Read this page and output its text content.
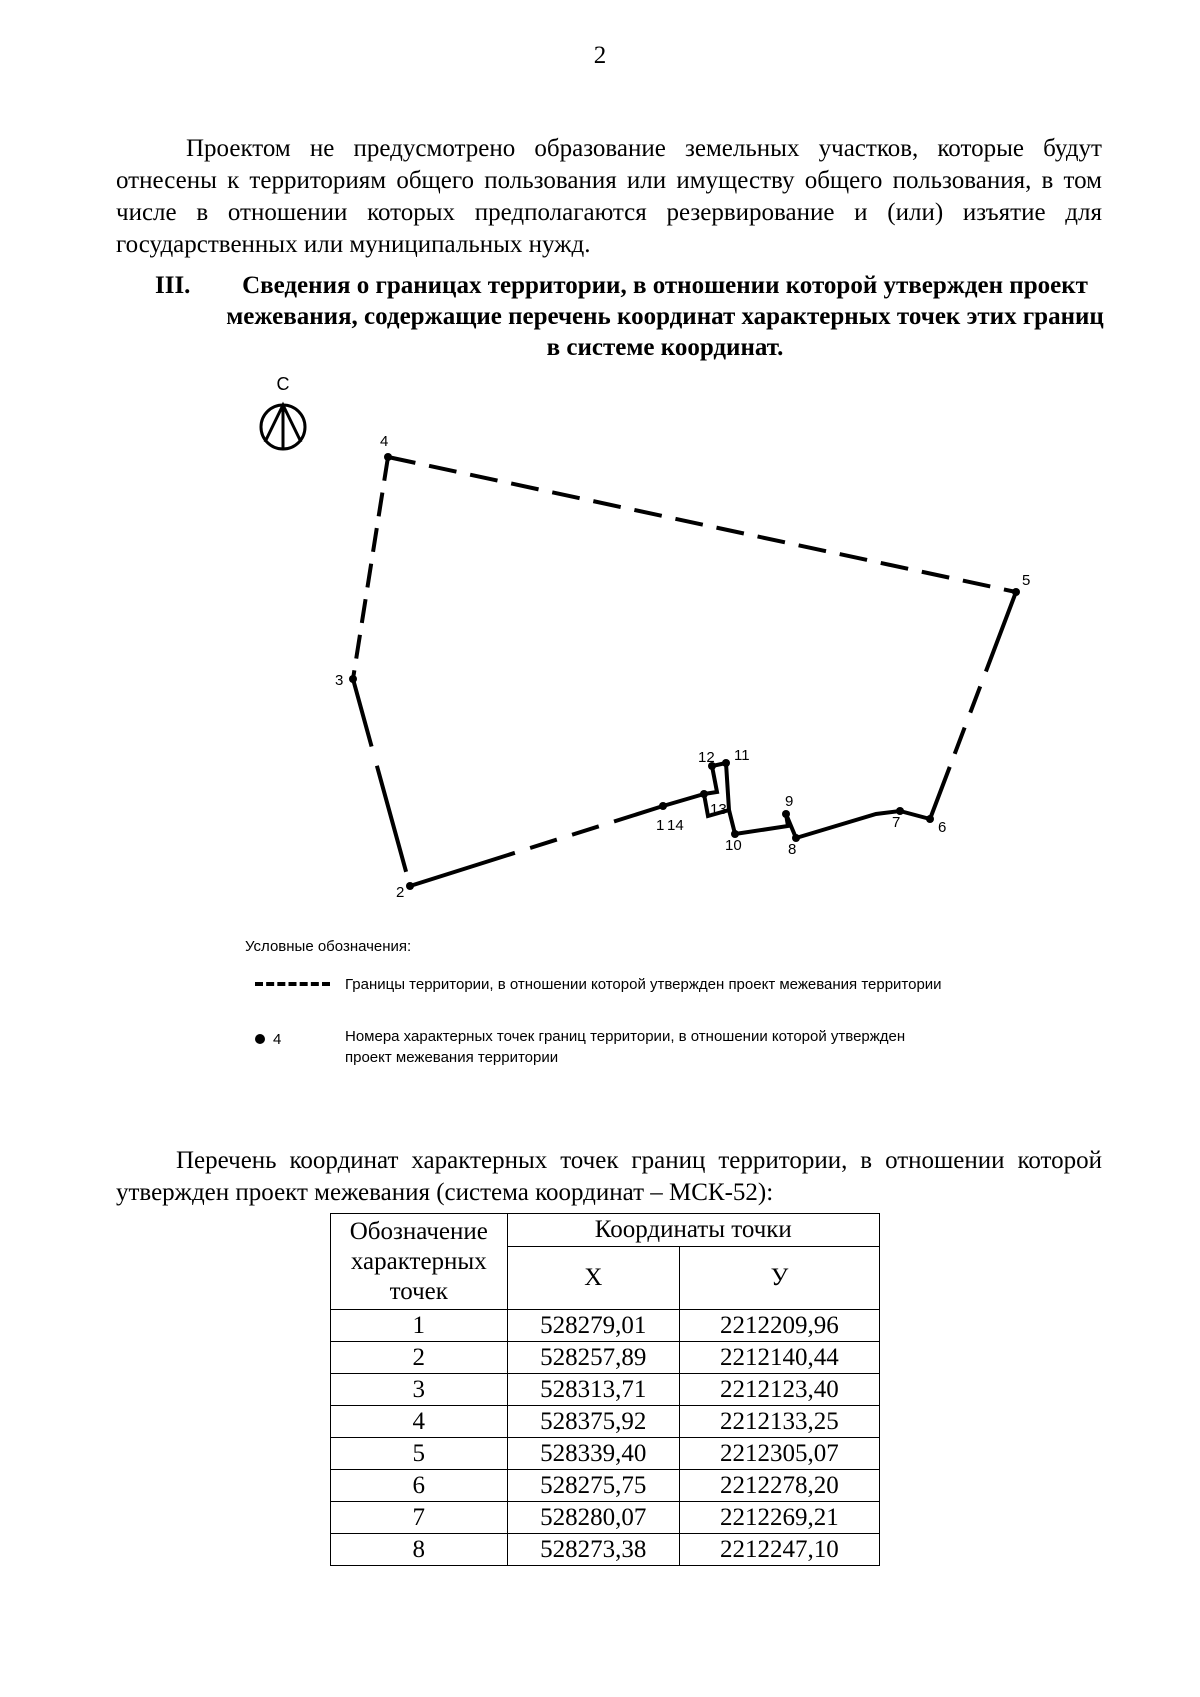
2

Проектом не предусмотрено образование земельных участков, которые будут отнесены к территориям общего пользования или имуществу общего пользования, в том числе в отношении которых предполагаются резервирование и (или) изъятие для государственных или муниципальных нужд.

III.	Сведения о границах территории, в отношении которой утвержден проект межевания, содержащие перечень координат характерных точек этих границ в системе координат.
С
1
2
3
4
5
6
7
8
9
10
11
12
13
14
Условные обозначения:
Границы территории, в отношении которой утвержден проект межевания территории
4	Номера характерных точек границ территории, в отношении которой утвержден проект межевания территории

Перечень координат характерных точек границ территории, в отношении которой утвержден проект межевания (система координат – МСК-52):

Обозначение характерных точек	Координаты точки	
	Х	У
1	528279,01	2212209,96
2	528257,89	2212140,44
3	528313,71	2212123,40
4	528375,92	2212133,25
5	528339,40	2212305,07
6	528275,75	2212278,20
7	528280,07	2212269,21
8	528273,38	2212247,10
